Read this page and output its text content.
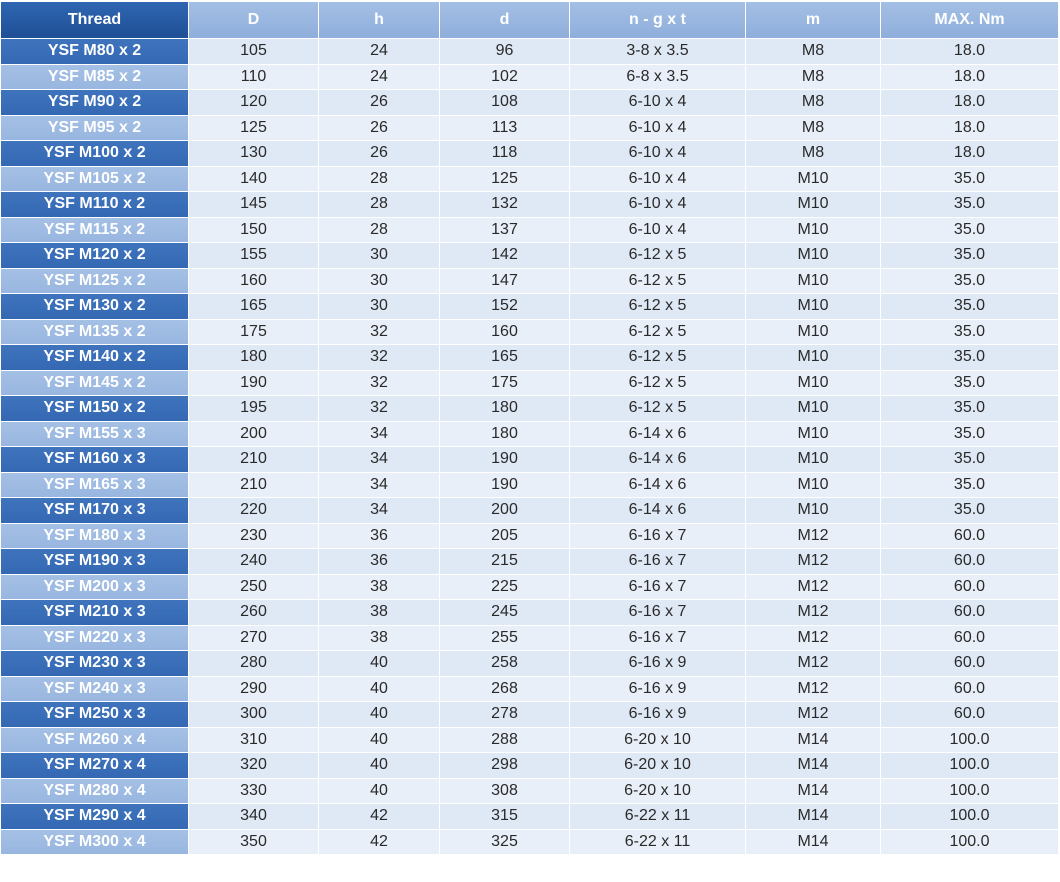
Thread	D	h	d	n - g x t	m	MAX. Nm
YSF M80 x 2	105	24	96	3-8 x 3.5	M8	18.0
YSF M85 x 2	110	24	102	6-8 x 3.5	M8	18.0
YSF M90 x 2	120	26	108	6-10 x 4	M8	18.0
YSF M95 x 2	125	26	113	6-10 x 4	M8	18.0
YSF M100 x 2	130	26	118	6-10 x 4	M8	18.0
YSF M105 x 2	140	28	125	6-10 x 4	M10	35.0
YSF M110 x 2	145	28	132	6-10 x 4	M10	35.0
YSF M115 x 2	150	28	137	6-10 x 4	M10	35.0
YSF M120 x 2	155	30	142	6-12 x 5	M10	35.0
YSF M125 x 2	160	30	147	6-12 x 5	M10	35.0
YSF M130 x 2	165	30	152	6-12 x 5	M10	35.0
YSF M135 x 2	175	32	160	6-12 x 5	M10	35.0
YSF M140 x 2	180	32	165	6-12 x 5	M10	35.0
YSF M145 x 2	190	32	175	6-12 x 5	M10	35.0
YSF M150 x 2	195	32	180	6-12 x 5	M10	35.0
YSF M155 x 3	200	34	180	6-14 x 6	M10	35.0
YSF M160 x 3	210	34	190	6-14 x 6	M10	35.0
YSF M165 x 3	210	34	190	6-14 x 6	M10	35.0
YSF M170 x 3	220	34	200	6-14 x 6	M10	35.0
YSF M180 x 3	230	36	205	6-16 x 7	M12	60.0
YSF M190 x 3	240	36	215	6-16 x 7	M12	60.0
YSF M200 x 3	250	38	225	6-16 x 7	M12	60.0
YSF M210 x 3	260	38	245	6-16 x 7	M12	60.0
YSF M220 x 3	270	38	255	6-16 x 7	M12	60.0
YSF M230 x 3	280	40	258	6-16 x 9	M12	60.0
YSF M240 x 3	290	40	268	6-16 x 9	M12	60.0
YSF M250 x 3	300	40	278	6-16 x 9	M12	60.0
YSF M260 x 4	310	40	288	6-20 x 10	M14	100.0
YSF M270 x 4	320	40	298	6-20 x 10	M14	100.0
YSF M280 x 4	330	40	308	6-20 x 10	M14	100.0
YSF M290 x 4	340	42	315	6-22 x 11	M14	100.0
YSF M300 x 4	350	42	325	6-22 x 11	M14	100.0
